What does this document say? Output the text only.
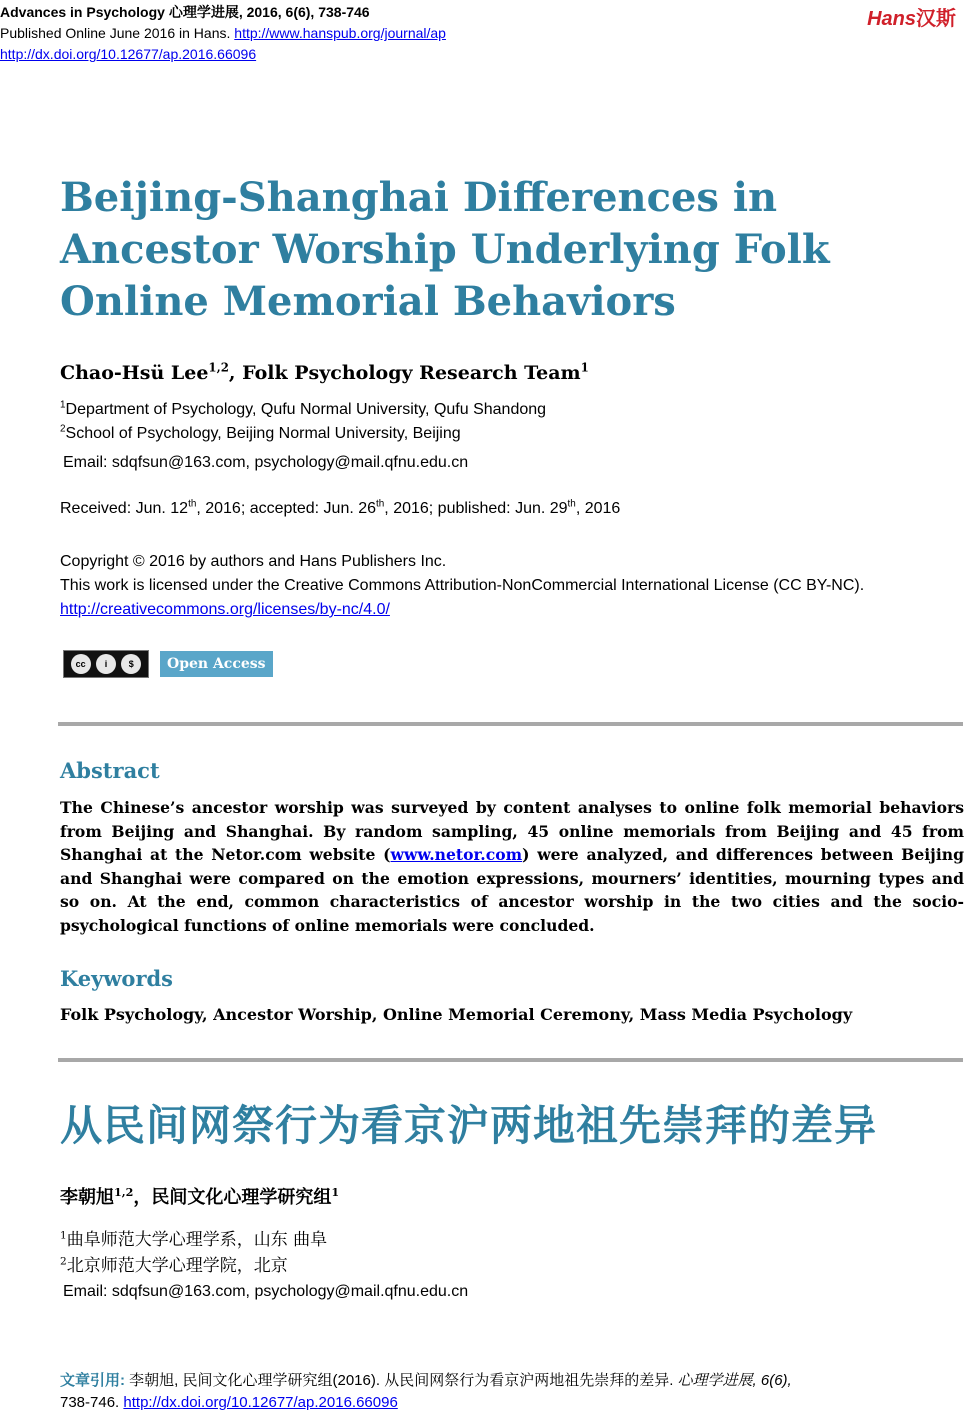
Advances in Psychology 心理学进展, 2016, 6(6), 738-746
Published Online June 2016 in Hans. http://www.hanspub.org/journal/ap
http://dx.doi.org/10.12677/ap.2016.66096
Hans汉斯
Beijing-Shanghai Differences in Ancestor Worship Underlying Folk Online Memorial Behaviors
Chao-Hsü Lee$^{1,2}$, Folk Psychology Research Team$^1$
$^1$Department of Psychology, Qufu Normal University, Qufu Shandong
$^2$School of Psychology, Beijing Normal University, Beijing
Email: sdqfsun@163.com, psychology@mail.qfnu.edu.cn
Received: Jun. 12th, 2016; accepted: Jun. 26th, 2016; published: Jun. 29th, 2016
Copyright © 2016 by authors and Hans Publishers Inc.
This work is licensed under the Creative Commons Attribution-NonCommercial International License (CC BY-NC).
http://creativecommons.org/licenses/by-nc/4.0/
cc	i	$	Open Access
Abstract

The Chinese’s ancestor worship was surveyed by content analyses to online folk memorial behaviors from Beijing and Shanghai. By random sampling, 45 online memorials from Beijing and 45 from Shanghai at the Netor.com website (www.netor.com) were analyzed, and differences between Beijing and Shanghai were compared on the emotion expressions, mourners’ identities, mourning types and so on. At the end, common characteristics of ancestor worship in the two cities and the socio-psychological functions of online memorials were concluded.

Keywords
Folk Psychology, Ancestor Worship, Online Memorial Ceremony, Mass Media Psychology
从民间网祭行为看京沪两地祖先崇拜的差异
李朝旭$^{1,2}$，民间文化心理学研究组$^1$
$^1$曲阜师范大学心理学系，山东 曲阜
$^2$北京师范大学心理学院，北京
Email: sdqfsun@163.com, psychology@mail.qfnu.edu.cn
文章引用: 李朝旭, 民间文化心理学研究组(2016). 从民间网祭行为看京沪两地祖先崇拜的差异. 心理学进展, 6(6),
738-746. http://dx.doi.org/10.12677/ap.2016.66096
